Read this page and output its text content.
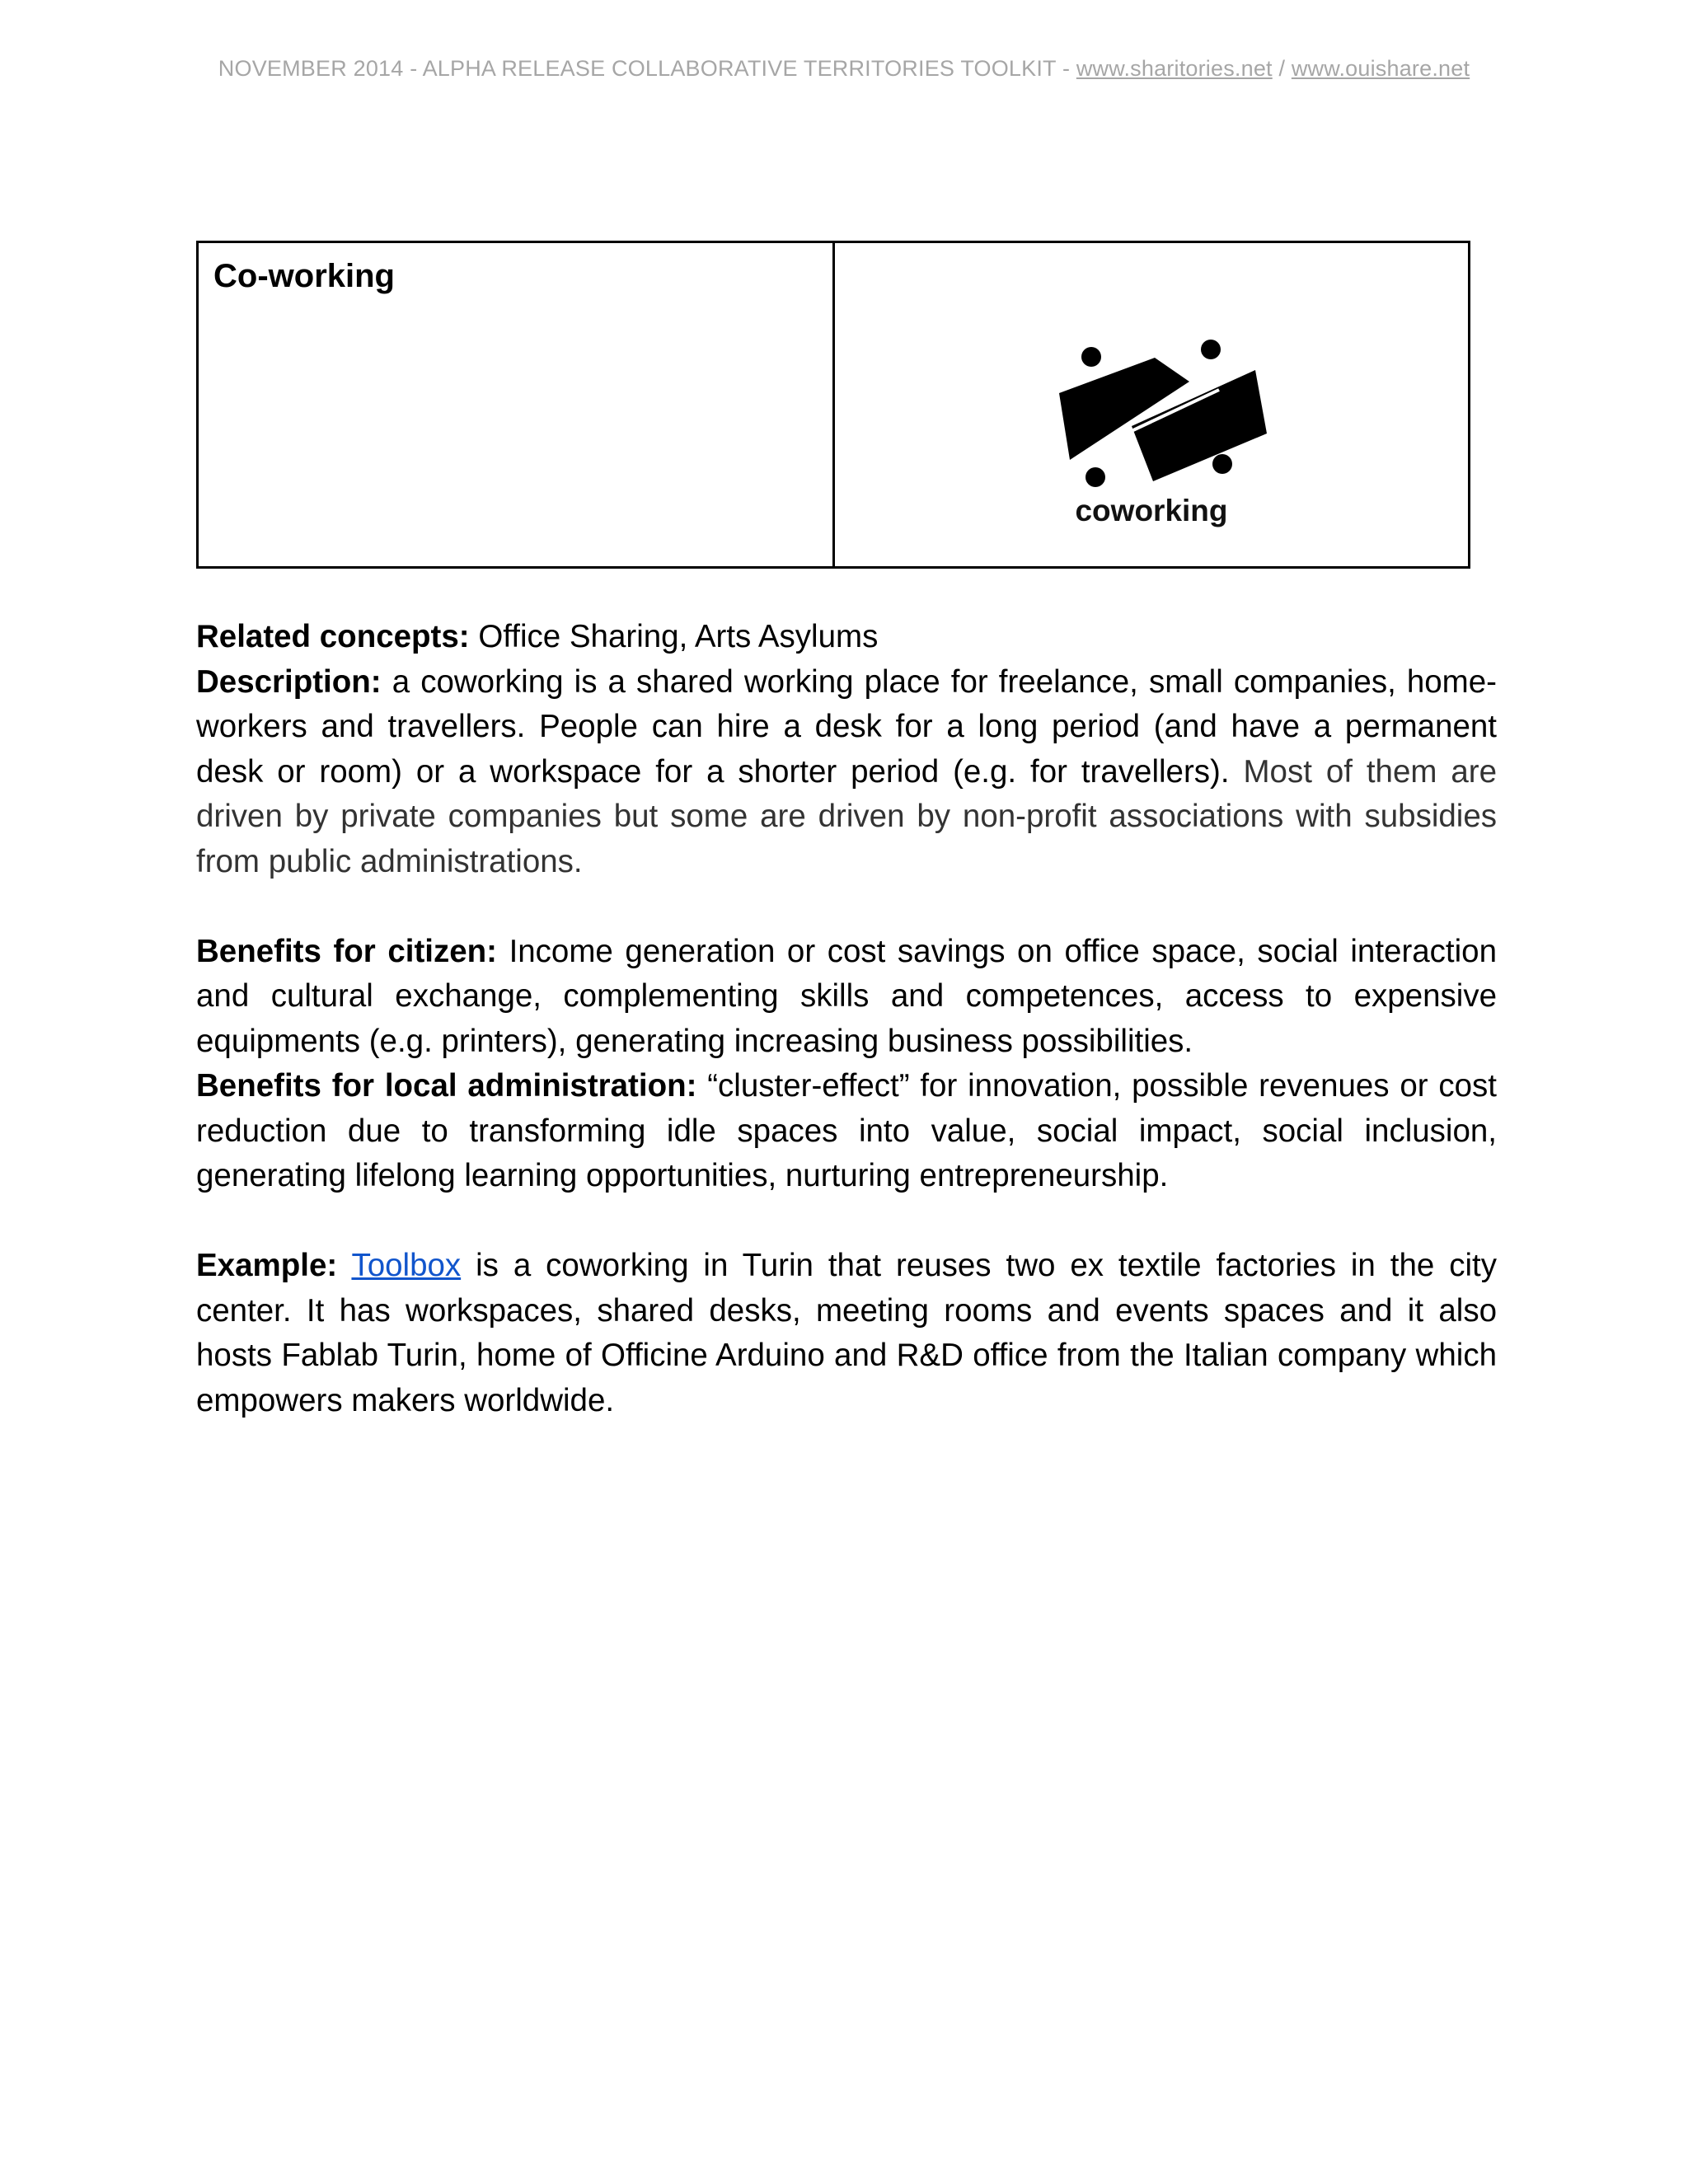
NOVEMBER 2014 - ALPHA RELEASE COLLABORATIVE TERRITORIES TOOLKIT - www.sharitories.net / www.ouishare.net
Co-working
coworking

Related concepts: Office Sharing, Arts Asylums

Description: a coworking is a shared working place for freelance, small companies, home-workers and travellers. People can hire a desk for a long period (and have a permanent desk or room) or a workspace for a shorter period (e.g. for travellers). Most of them are driven by private companies but some are driven by non-profit associations with subsidies from public administrations.

Benefits for citizen: Income generation or cost savings on office space, social interaction and cultural exchange, complementing skills and competences, access to expensive equipments (e.g. printers), generating increasing business possibilities.

Benefits for local administration: “cluster-effect” for innovation, possible revenues or cost reduction due to transforming idle spaces into value, social impact, social inclusion, generating lifelong learning opportunities, nurturing entrepreneurship.

Example: Toolbox is a coworking in Turin that reuses two ex textile factories in the city center. It has workspaces, shared desks, meeting rooms and events spaces and it also hosts Fablab Turin, home of Officine Arduino and R&D office from the Italian company which empowers makers worldwide.
